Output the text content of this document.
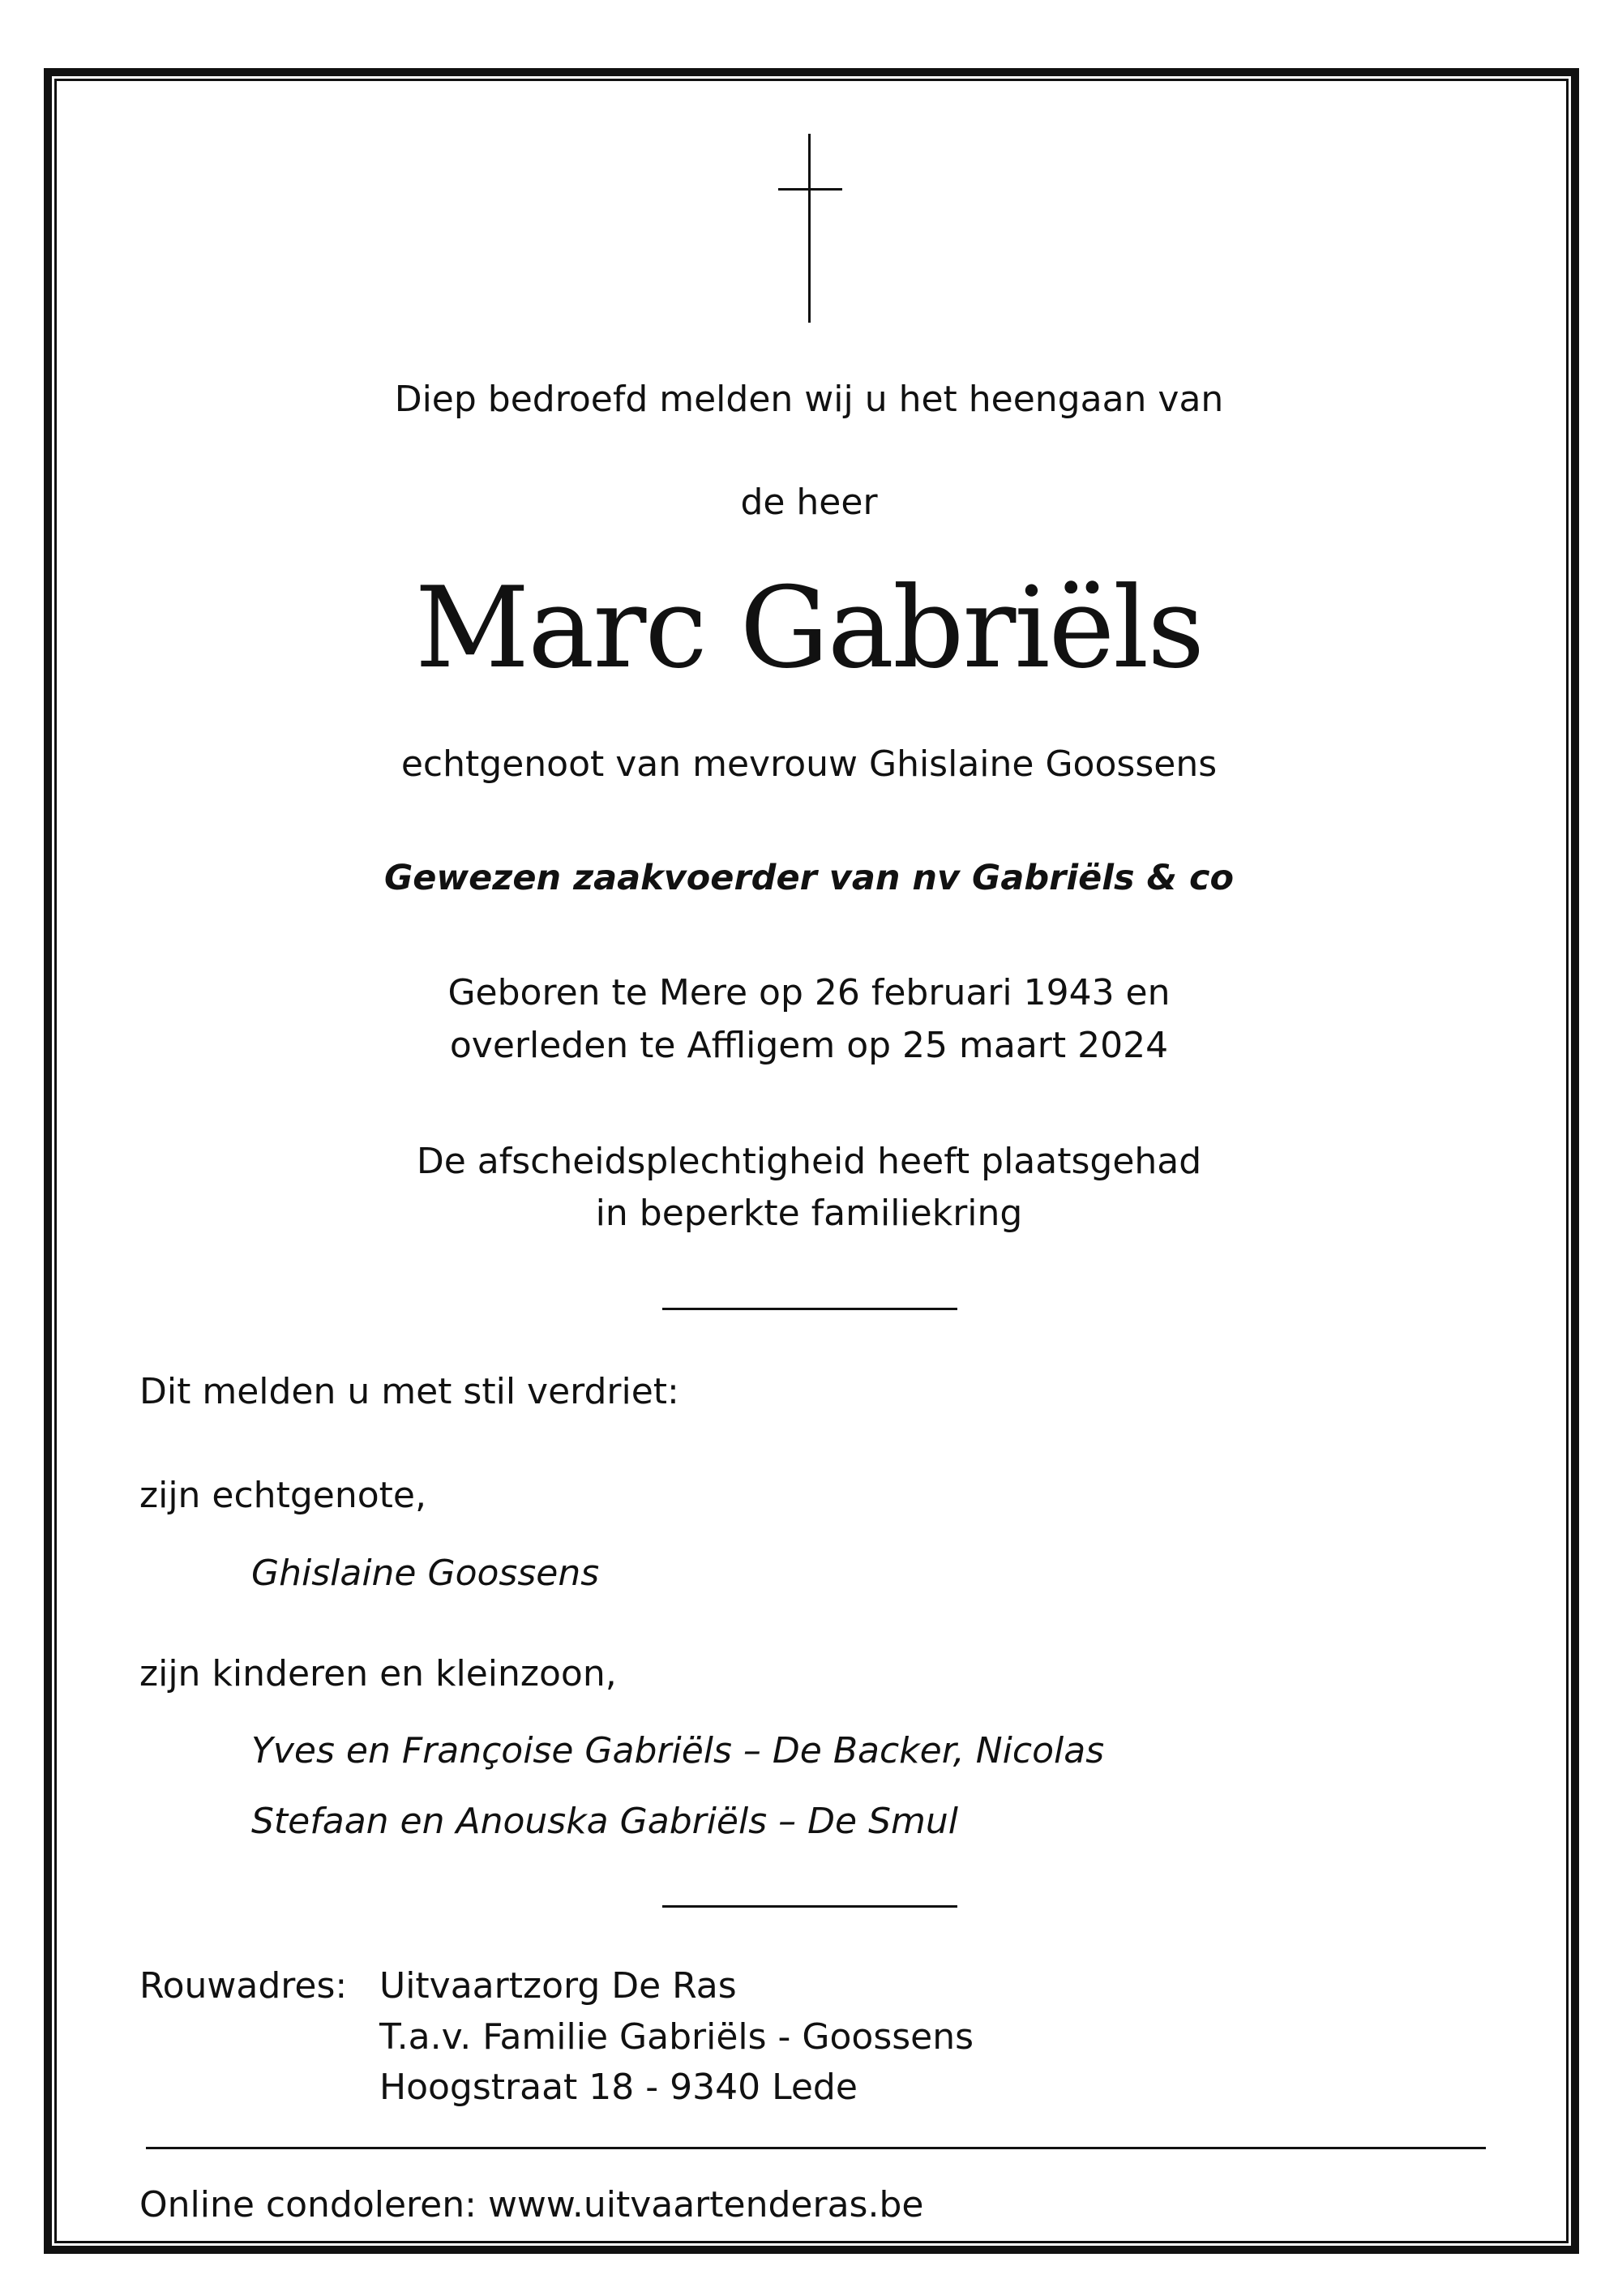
Diep bedroefd melden wij u het heengaan van
de heer
Marc Gabriëls
echtgenoot van mevrouw Ghislaine Goossens
Gewezen zaakvoerder van nv Gabriëls & co
Geboren te Mere op 26 februari 1943 en
overleden te Affligem op 25 maart 2024
De afscheidsplechtigheid heeft plaatsgehad
in beperkte familiekring
Dit melden u met stil verdriet:
zijn echtgenote,
Ghislaine Goossens
zijn kinderen en kleinzoon,
Yves en Françoise Gabriëls – De Backer, Nicolas
Stefaan en Anouska Gabriëls – De Smul
Rouwadres: Uitvaartzorg De Ras
T.a.v. Familie Gabriëls - Goossens
Hoogstraat 18 - 9340 Lede
Online condoleren: www.uitvaartenderas.be
